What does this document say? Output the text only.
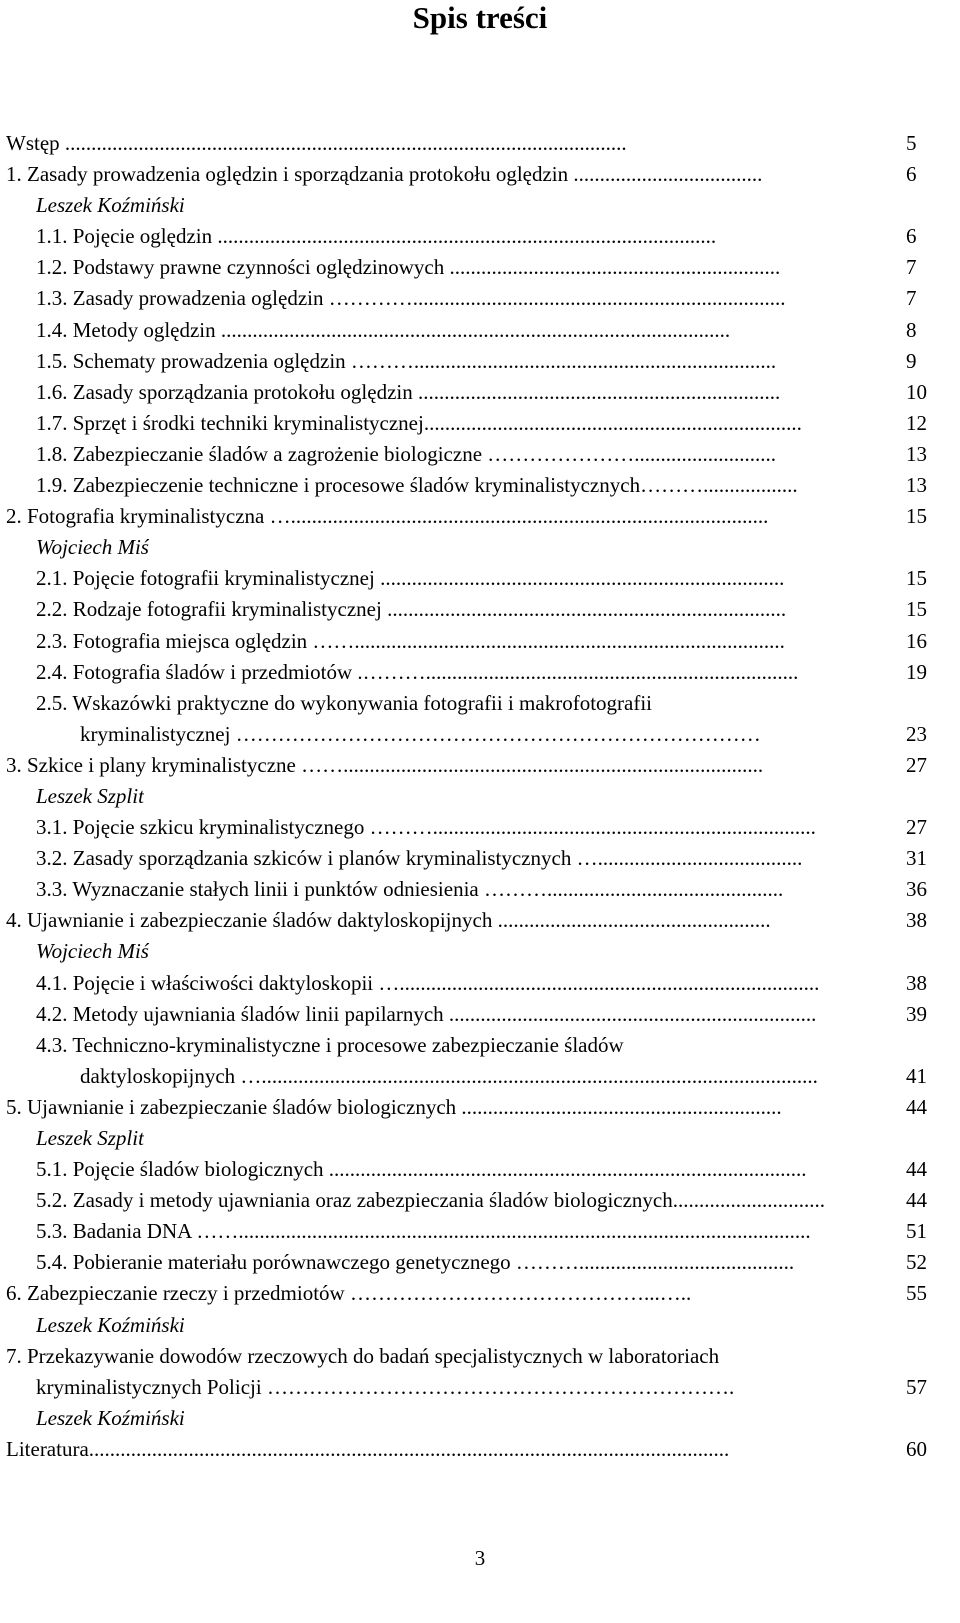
Spis treści
Wstęp ...........................................................................................................	5
1. Zasady prowadzenia oględzin i sporządzania protokołu oględzin ....................................	6
Leszek Koźmiński
1.1. Pojęcie oględzin ...............................................................................................	6
1.2. Podstawy prawne czynności oględzinowych ...............................................................	7
1.3. Zasady prowadzenia oględzin ………….......................................................................	7
1.4. Metody oględzin .................................................................................................	8
1.5. Schematy prowadzenia oględzin ……….....................................................................	9
1.6. Zasady sporządzania protokołu oględzin .....................................................................	10
1.7. Sprzęt i środki techniki kryminalistycznej........................................................................	12
1.8. Zabezpieczanie śladów a zagrożenie biologiczne …………………...........................	13
1.9. Zabezpieczenie techniczne i procesowe śladów kryminalistycznych………..................	13
2. Fotografia kryminalistyczna …...........................................................................................	15
Wojciech Miś
2.1. Pojęcie fotografii kryminalistycznej .............................................................................	15
2.2. Rodzaje fotografii kryminalistycznej ............................................................................	15
2.3. Fotografia miejsca oględzin ……..................................................................................	16
2.4. Fotografia śladów i przedmiotów .……….......................................................................	19
2.5. Wskazówki praktyczne do wykonywania fotografii i makrofotografii
kryminalistycznej …………………………………………………………………	23
3. Szkice i plany kryminalistyczne ……................................................................................	27
Leszek Szplit
3.1. Pojęcie szkicu kryminalistycznego ……….........................................................................	27
3.2. Zasady sporządzania szkiców i planów kryminalistycznych ….......................................	31
3.3. Wyznaczanie stałych linii i punktów odniesienia ……….............................................	36
4. Ujawnianie i zabezpieczanie śladów daktyloskopijnych ....................................................	38
Wojciech Miś
4.1. Pojęcie i właściwości daktyloskopii …................................................................................	38
4.2. Metody ujawniania śladów linii papilarnych ......................................................................	39
4.3. Techniczno-kryminalistyczne i procesowe zabezpieczanie śladów
daktyloskopijnych …..........................................................................................................	41
5. Ujawnianie i zabezpieczanie śladów biologicznych .............................................................	44
Leszek Szplit
5.1. Pojęcie śladów biologicznych ...........................................................................................	44
5.2. Zasady i metody ujawniania oraz zabezpieczania śladów biologicznych.............................	44
5.3. Badania DNA …….............................................................................................................	51
5.4. Pobieranie materiału porównawczego genetycznego ……….........................................	52
6. Zabezpieczanie rzeczy i przedmiotów ……………………………………...…..	55
Leszek Koźmiński
7. Przekazywanie dowodów rzeczowych do badań specjalistycznych w laboratoriach
kryminalistycznych Policji ………………………………………………………….	57
Leszek Koźmiński
Literatura..........................................................................................................................	60
3
